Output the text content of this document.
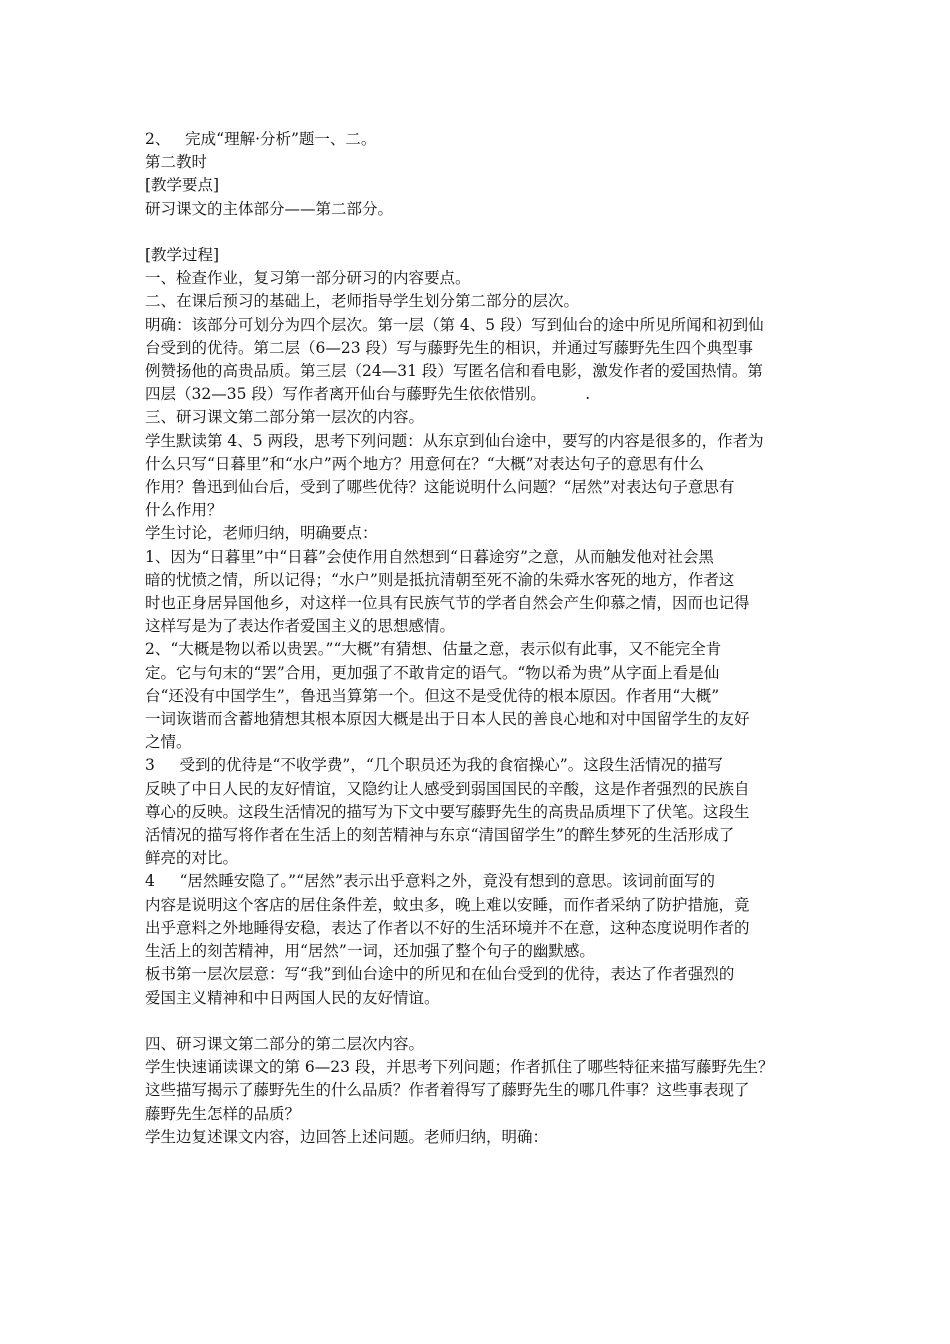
2、   完成“理解·分析”题一、二。
第二教时
[教学要点]
研习课文的主体部分——第二部分。
[教学过程]
一、检查作业，复习第一部分研习的内容要点。
二、在课后预习的基础上，老师指导学生划分第二部分的层次。
明确：该部分可划分为四个层次。第一层（第 4、5 段）写到仙台的途中所见所闻和初到仙
台受到的优待。第二层（6—23 段）写与藤野先生的相识，并通过写藤野先生四个典型事
例赞扬他的高贵品质。第三层（24—31 段）写匿名信和看电影，激发作者的爱国热情。第
四层（32—35 段）写作者离开仙台与藤野先生依依惜别。        .
三、研习课文第二部分第一层次的内容。
学生默读第 4、5 两段，思考下列问题：从东京到仙台途中，要写的内容是很多的，作者为
什么只写“日暮里”和“水户”两个地方？用意何在？“大概”对表达句子的意思有什么
作用？鲁迅到仙台后，受到了哪些优待？这能说明什么问题？“居然”对表达句子意思有
什么作用？
学生讨论，老师归纳，明确要点：
1、因为“日暮里”中“日暮”会使作用自然想到“日暮途穷”之意，从而触发他对社会黑
暗的忧愤之情，所以记得；“水户”则是抵抗清朝至死不渝的朱舜水客死的地方，作者这
时也正身居异国他乡，对这样一位具有民族气节的学者自然会产生仰慕之情，因而也记得
这样写是为了表达作者爱国主义的思想感情。
2、“大概是物以希以贵罢。”“大概”有猜想、估量之意，表示似有此事，又不能完全肯
定。它与句末的“罢”合用，更加强了不敢肯定的语气。“物以希为贵”从字面上看是仙
台“还没有中国学生”，鲁迅当算第一个。但这不是受优待的根本原因。作者用“大概”
一词诙谐而含蓄地猜想其根本原因大概是出于日本人民的善良心地和对中国留学生的友好
之情。
3     受到的优待是“不收学费”，“几个职员还为我的食宿操心”。这段生活情况的描写
反映了中日人民的友好情谊，又隐约让人感受到弱国国民的辛酸，这是作者强烈的民族自
尊心的反映。这段生活情况的描写为下文中要写藤野先生的高贵品质埋下了伏笔。这段生
活情况的描写将作者在生活上的刻苦精神与东京“清国留学生”的醉生梦死的生活形成了
鲜亮的对比。
4     “居然睡安隐了。”“居然”表示出乎意料之外，竟没有想到的意思。该词前面写的
内容是说明这个客店的居住条件差，蚊虫多，晚上难以安睡，而作者采纳了防护措施，竟
出乎意料之外地睡得安稳，表达了作者以不好的生活环境并不在意，这种态度说明作者的
生活上的刻苦精神，用“居然”一词，还加强了整个句子的幽默感。
板书第一层次层意：写“我”到仙台途中的所见和在仙台受到的优待，表达了作者强烈的
爱国主义精神和中日两国人民的友好情谊。
四、研习课文第二部分的第二层次内容。
学生快速诵读课文的第 6—23 段，并思考下列问题；作者抓住了哪些特征来描写藤野先生？
这些描写揭示了藤野先生的什么品质？作者着得写了藤野先生的哪几件事？这些事表现了
藤野先生怎样的品质？
学生边复述课文内容，边回答上述问题。老师归纳，明确：
